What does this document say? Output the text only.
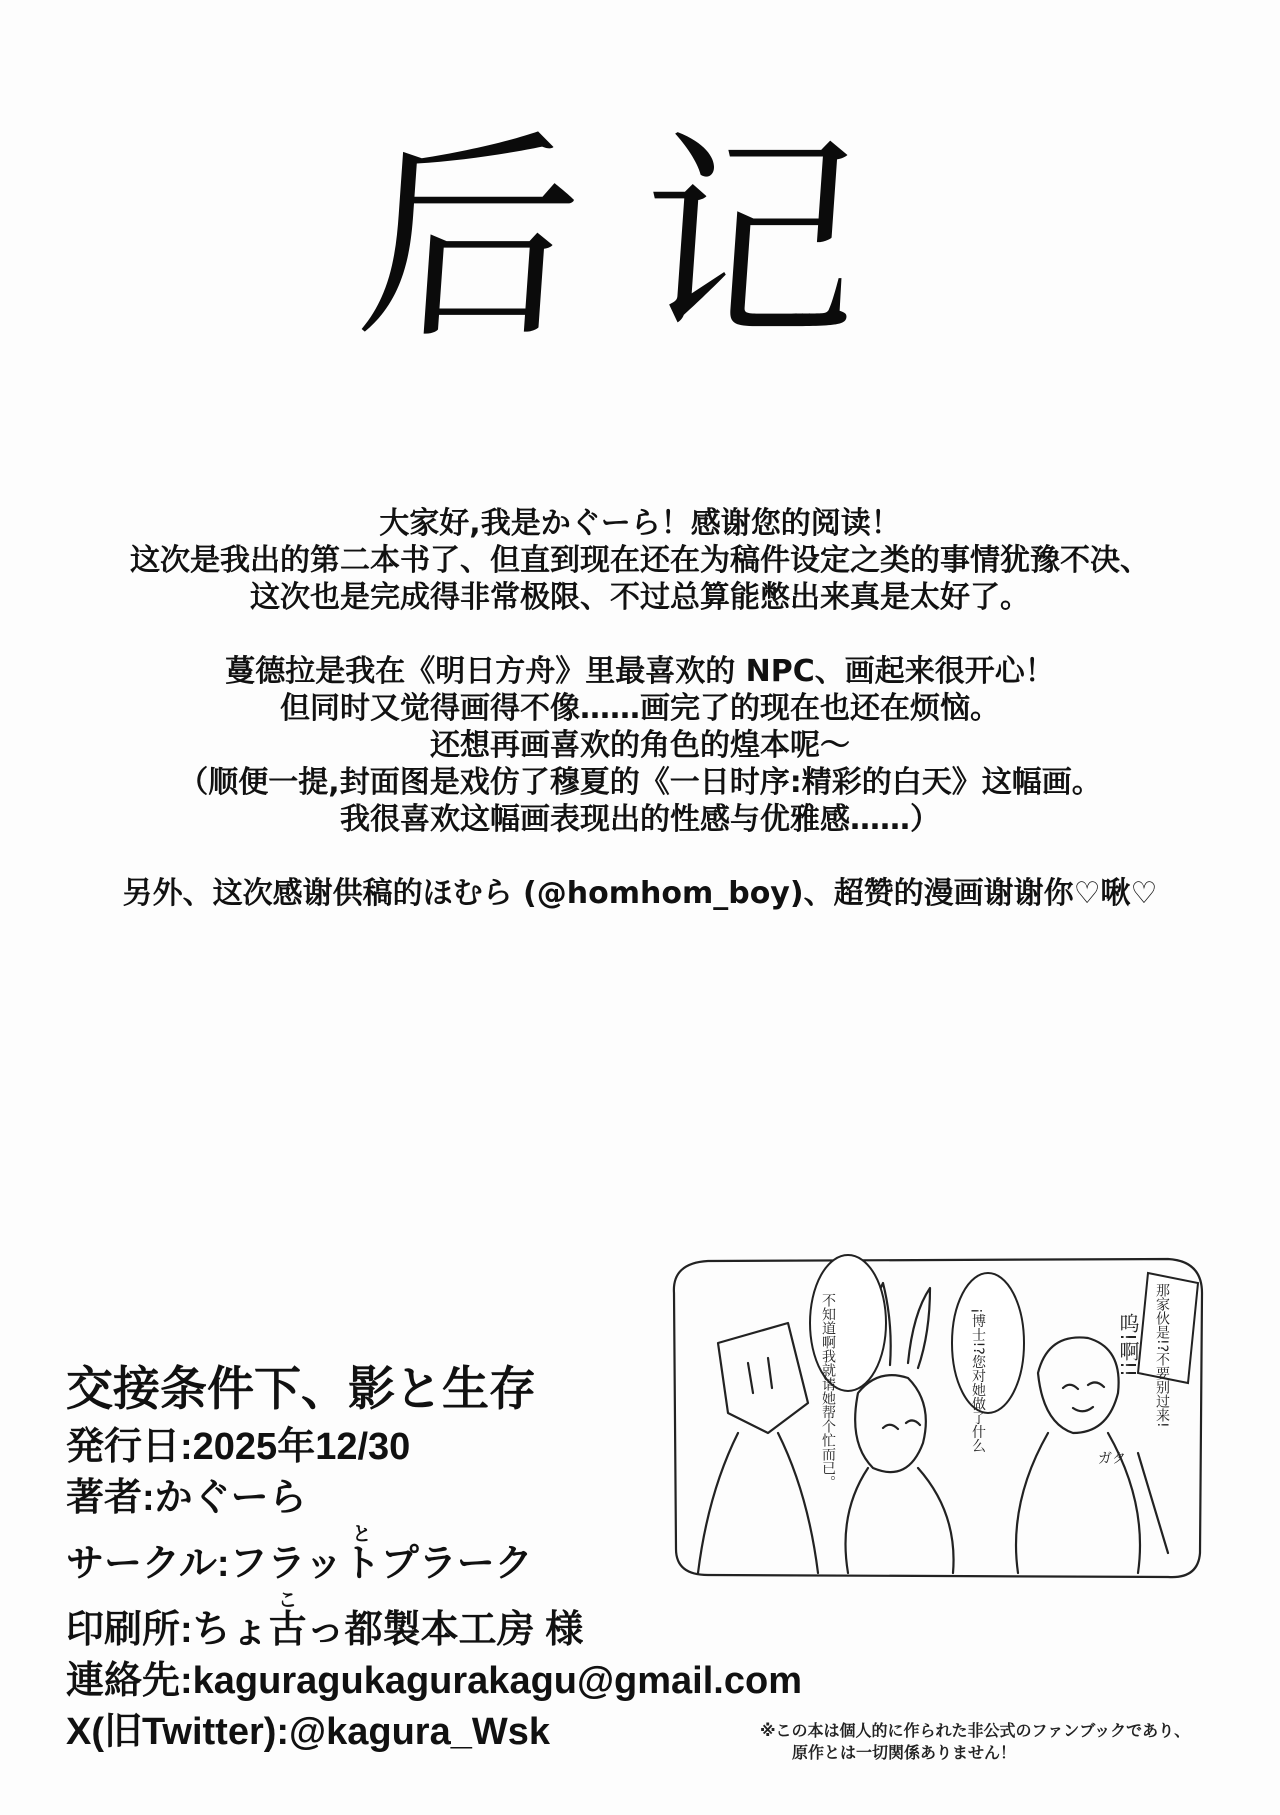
后记

大家好,我是かぐーら！感谢您的阅读！

这次是我出的第二本书了、但直到现在还在为稿件设定之类的事情犹豫不决、

这次也是完成得非常极限、不过总算能憋出来真是太好了。

蔓德拉是我在《明日方舟》里最喜欢的 NPC、画起来很开心！

但同时又觉得画得不像……画完了的现在也还在烦恼。

还想再画喜欢的角色的煌本呢～

（顺便一提,封面图是戏仿了穆夏的《一日时序:精彩的白天》这幅画。

我很喜欢这幅画表现出的性感与优雅感……）

另外、这次感谢供稿的ほむら (@homhom_boy)、超赞的漫画谢谢你♡啾♡

不知道啊我就请她帮个忙而已。	¡博士!?您对她做了什么	那家伙是!?不要别过来!
呜!啊!!
ガタ
交接条件下、影と生存
発行日:2025年12/30
著者:かぐーら
サークル:フラットとプラーク
印刷所:ちょ古こっ都製本工房 様
連絡先:kaguragukagurakagu@gmail.com
X(旧Twitter):@kagura_Wsk	※この本は個人的に作られた非公式のファンブックであり、

原作とは一切関係ありません！
